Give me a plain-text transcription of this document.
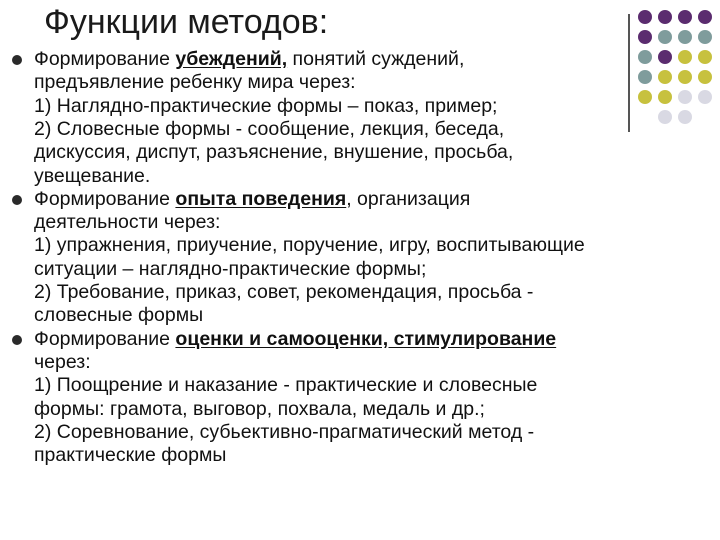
Функции методов:
Формирование убеждений, понятий суждений,
предъявление ребенку мира через:
1) Наглядно-практические формы – показ, пример;
2) Словесные формы - сообщение, лекция, беседа,
дискуссия, диспут, разъяснение, внушение, просьба,
увещевание.
Формирование опыта поведения, организация
деятельности через:
1) упражнения, приучение, поручение, игру, воспитывающие
ситуации – наглядно-практические формы;
2) Требование, приказ, совет, рекомендация, просьба -
словесные формы
Формирование оценки и самооценки, стимулирование
через:
1) Поощрение и наказание - практические и словесные
формы: грамота, выговор, похвала, медаль и др.;
2) Соревнование, субьективно-прагматический метод -
практические формы
